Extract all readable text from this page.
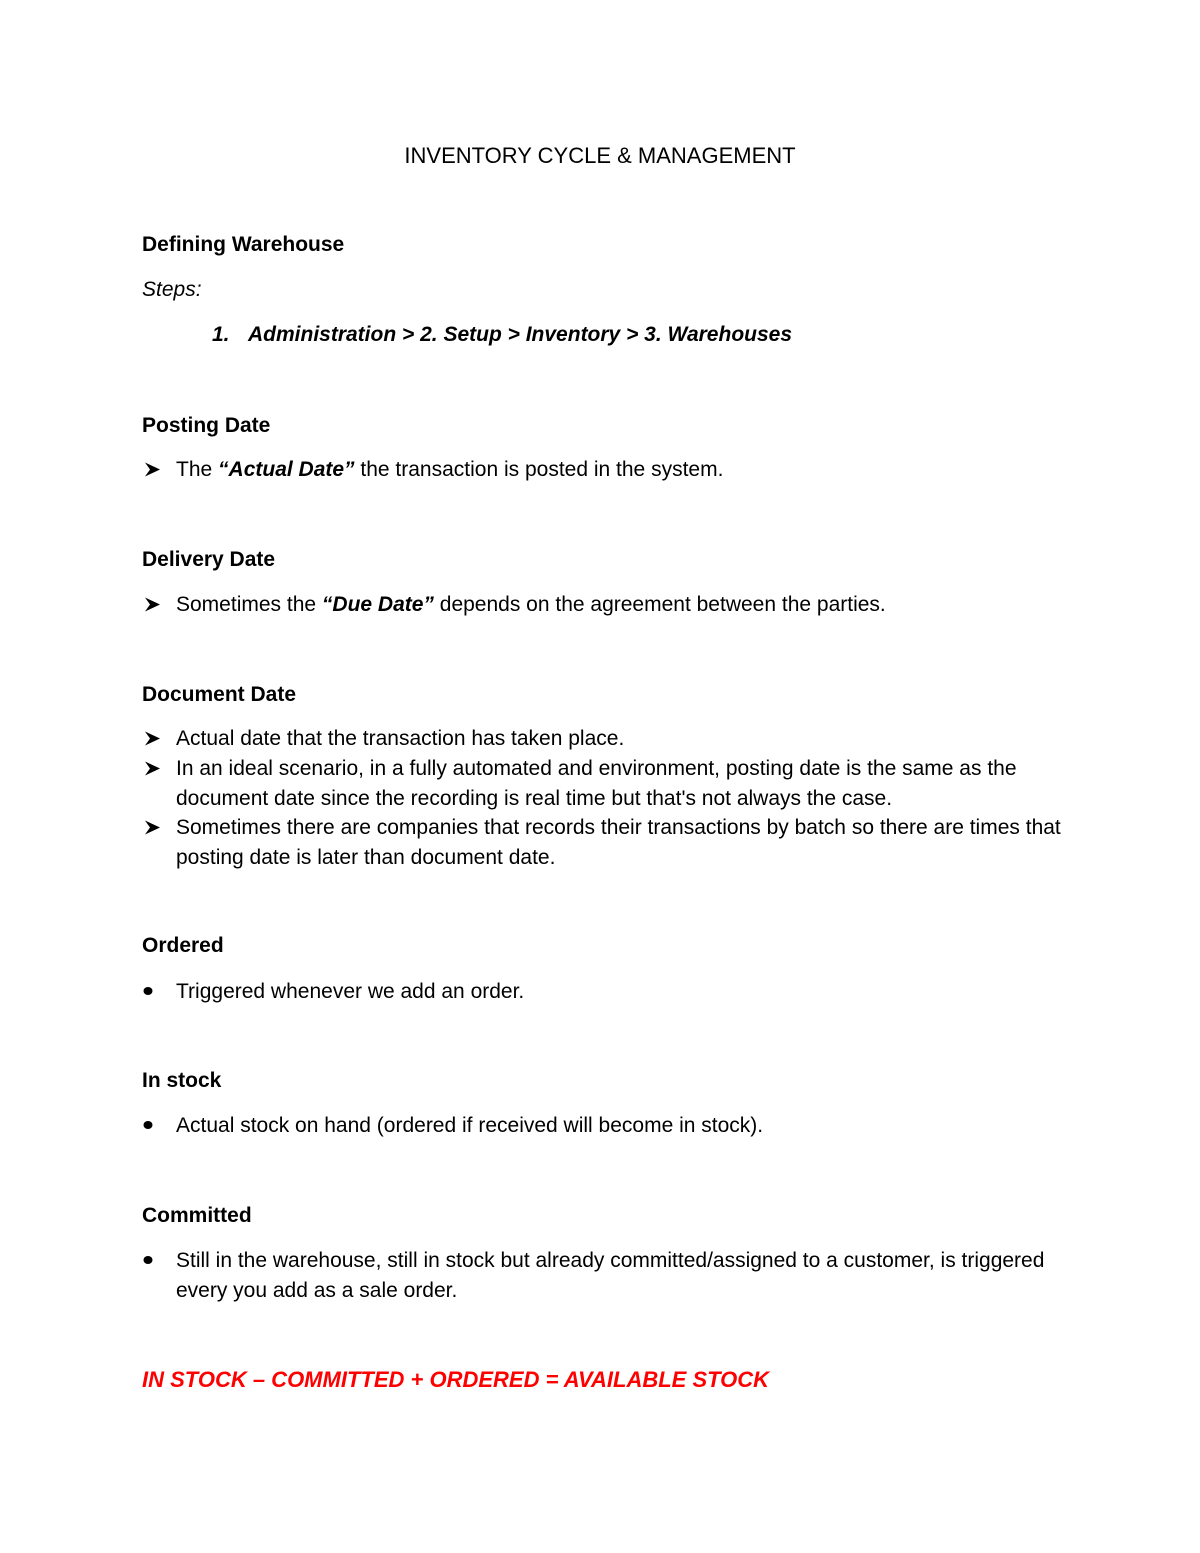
INVENTORY CYCLE & MANAGEMENT
Defining Warehouse
Steps:
1. Administration > 2. Setup > Inventory > 3. Warehouses
Posting Date
The “Actual Date” the transaction is posted in the system.
Delivery Date
Sometimes the “Due Date” depends on the agreement between the parties.
Document Date
Actual date that the transaction has taken place.
In an ideal scenario, in a fully automated and environment, posting date is the same as the document date since the recording is real time but that's not always the case.
Sometimes there are companies that records their transactions by batch so there are times that posting date is later than document date.
Ordered
Triggered whenever we add an order.
In stock
Actual stock on hand (ordered if received will become in stock).
Committed
Still in the warehouse, still in stock but already committed/assigned to a customer, is triggered every you add as a sale order.
IN STOCK – COMMITTED + ORDERED = AVAILABLE STOCK
